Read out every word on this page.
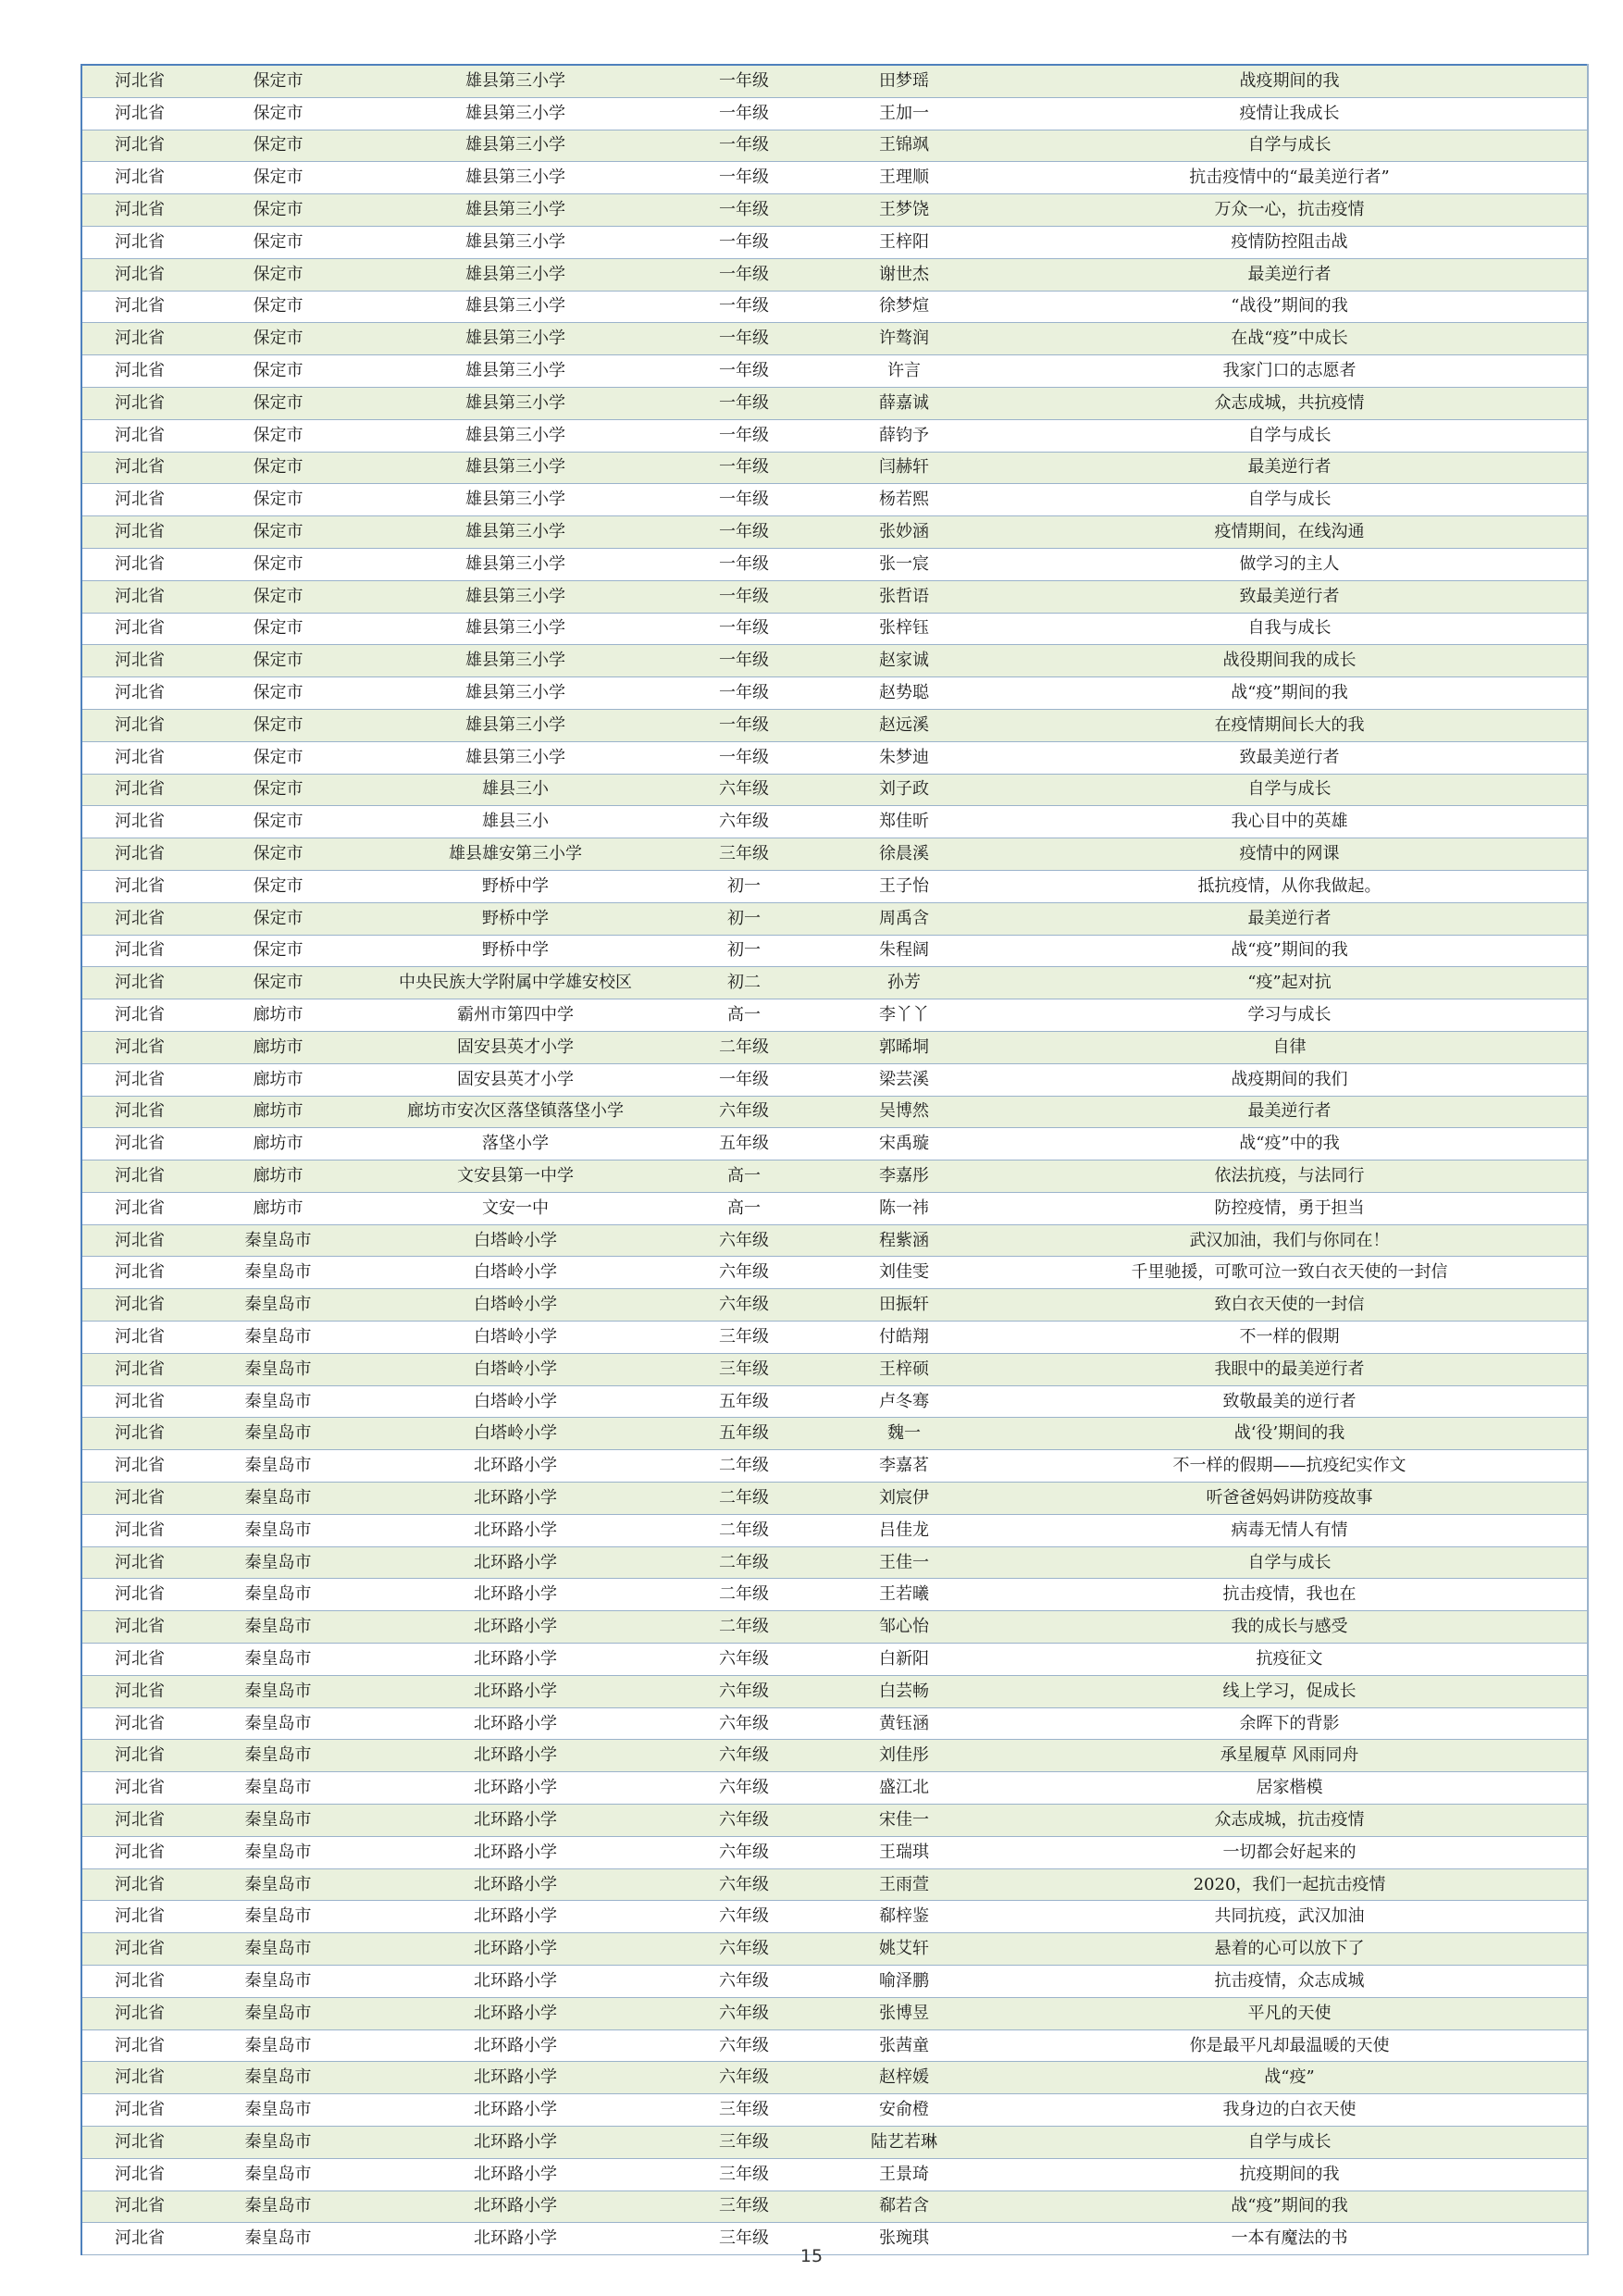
河北省	保定市	雄县第三小学	一年级	田梦瑶	战疫期间的我
河北省	保定市	雄县第三小学	一年级	王加一	疫情让我成长
河北省	保定市	雄县第三小学	一年级	王锦飒	自学与成长
河北省	保定市	雄县第三小学	一年级	王理顺	抗击疫情中的“最美逆行者”
河北省	保定市	雄县第三小学	一年级	王梦饶	万众一心，抗击疫情
河北省	保定市	雄县第三小学	一年级	王梓阳	疫情防控阻击战
河北省	保定市	雄县第三小学	一年级	谢世杰	最美逆行者
河北省	保定市	雄县第三小学	一年级	徐梦煊	“战役”期间的我
河北省	保定市	雄县第三小学	一年级	许骜润	在战“疫”中成长
河北省	保定市	雄县第三小学	一年级	许言	我家门口的志愿者
河北省	保定市	雄县第三小学	一年级	薛嘉诚	众志成城，共抗疫情
河北省	保定市	雄县第三小学	一年级	薛钧予	自学与成长
河北省	保定市	雄县第三小学	一年级	闫赫轩	最美逆行者
河北省	保定市	雄县第三小学	一年级	杨若熙	自学与成长
河北省	保定市	雄县第三小学	一年级	张妙涵	疫情期间，在线沟通
河北省	保定市	雄县第三小学	一年级	张一宸	做学习的主人
河北省	保定市	雄县第三小学	一年级	张哲语	致最美逆行者
河北省	保定市	雄县第三小学	一年级	张梓钰	自我与成长
河北省	保定市	雄县第三小学	一年级	赵家诚	战役期间我的成长
河北省	保定市	雄县第三小学	一年级	赵势聪	战“疫”期间的我
河北省	保定市	雄县第三小学	一年级	赵远溪	在疫情期间长大的我
河北省	保定市	雄县第三小学	一年级	朱梦迪	致最美逆行者
河北省	保定市	雄县三小	六年级	刘子政	自学与成长
河北省	保定市	雄县三小	六年级	郑佳昕	我心目中的英雄
河北省	保定市	雄县雄安第三小学	三年级	徐晨溪	疫情中的网课
河北省	保定市	野桥中学	初一	王子怡	抵抗疫情，从你我做起。
河北省	保定市	野桥中学	初一	周禹含	最美逆行者
河北省	保定市	野桥中学	初一	朱程阔	战“疫”期间的我
河北省	保定市	中央民族大学附属中学雄安校区	初二	孙芳	“疫”起对抗
河北省	廊坊市	霸州市第四中学	高一	李丫丫	学习与成长
河北省	廊坊市	固安县英才小学	二年级	郭晞垌	自律
河北省	廊坊市	固安县英才小学	一年级	梁芸溪	战疫期间的我们
河北省	廊坊市	廊坊市安次区落垡镇落垡小学	六年级	吴博然	最美逆行者
河北省	廊坊市	落垡小学	五年级	宋禹璇	战“疫”中的我
河北省	廊坊市	文安县第一中学	高一	李嘉彤	依法抗疫，与法同行
河北省	廊坊市	文安一中	高一	陈一祎	防控疫情，勇于担当
河北省	秦皇岛市	白塔岭小学	六年级	程紫涵	武汉加油，我们与你同在！
河北省	秦皇岛市	白塔岭小学	六年级	刘佳雯	千里驰援，可歌可泣一致白衣天使的一封信
河北省	秦皇岛市	白塔岭小学	六年级	田振轩	致白衣天使的一封信
河北省	秦皇岛市	白塔岭小学	三年级	付皓翔	不一样的假期
河北省	秦皇岛市	白塔岭小学	三年级	王梓硕	我眼中的最美逆行者
河北省	秦皇岛市	白塔岭小学	五年级	卢冬骞	致敬最美的逆行者
河北省	秦皇岛市	白塔岭小学	五年级	魏一	战‘役’期间的我
河北省	秦皇岛市	北环路小学	二年级	李嘉茗	不一样的假期——抗疫纪实作文
河北省	秦皇岛市	北环路小学	二年级	刘宸伊	听爸爸妈妈讲防疫故事
河北省	秦皇岛市	北环路小学	二年级	吕佳龙	病毒无情人有情
河北省	秦皇岛市	北环路小学	二年级	王佳一	自学与成长
河北省	秦皇岛市	北环路小学	二年级	王若曦	抗击疫情，我也在
河北省	秦皇岛市	北环路小学	二年级	邹心怡	我的成长与感受
河北省	秦皇岛市	北环路小学	六年级	白新阳	抗疫征文
河北省	秦皇岛市	北环路小学	六年级	白芸畅	线上学习，促成长
河北省	秦皇岛市	北环路小学	六年级	黄钰涵	余晖下的背影
河北省	秦皇岛市	北环路小学	六年级	刘佳彤	承星履草 风雨同舟
河北省	秦皇岛市	北环路小学	六年级	盛江北	居家楷模
河北省	秦皇岛市	北环路小学	六年级	宋佳一	众志成城，抗击疫情
河北省	秦皇岛市	北环路小学	六年级	王瑞琪	一切都会好起来的
河北省	秦皇岛市	北环路小学	六年级	王雨萱	2020，我们一起抗击疫情
河北省	秦皇岛市	北环路小学	六年级	郗梓鉴	共同抗疫，武汉加油
河北省	秦皇岛市	北环路小学	六年级	姚艾轩	悬着的心可以放下了
河北省	秦皇岛市	北环路小学	六年级	喻泽鹏	抗击疫情，众志成城
河北省	秦皇岛市	北环路小学	六年级	张博昱	平凡的天使
河北省	秦皇岛市	北环路小学	六年级	张茜童	你是最平凡却最温暖的天使
河北省	秦皇岛市	北环路小学	六年级	赵梓媛	战“疫”
河北省	秦皇岛市	北环路小学	三年级	安俞橙	我身边的白衣天使
河北省	秦皇岛市	北环路小学	三年级	陆艺若琳	自学与成长
河北省	秦皇岛市	北环路小学	三年级	王景琦	抗疫期间的我
河北省	秦皇岛市	北环路小学	三年级	郗若含	战“疫”期间的我
河北省	秦皇岛市	北环路小学	三年级	张琬琪	一本有魔法的书
15
